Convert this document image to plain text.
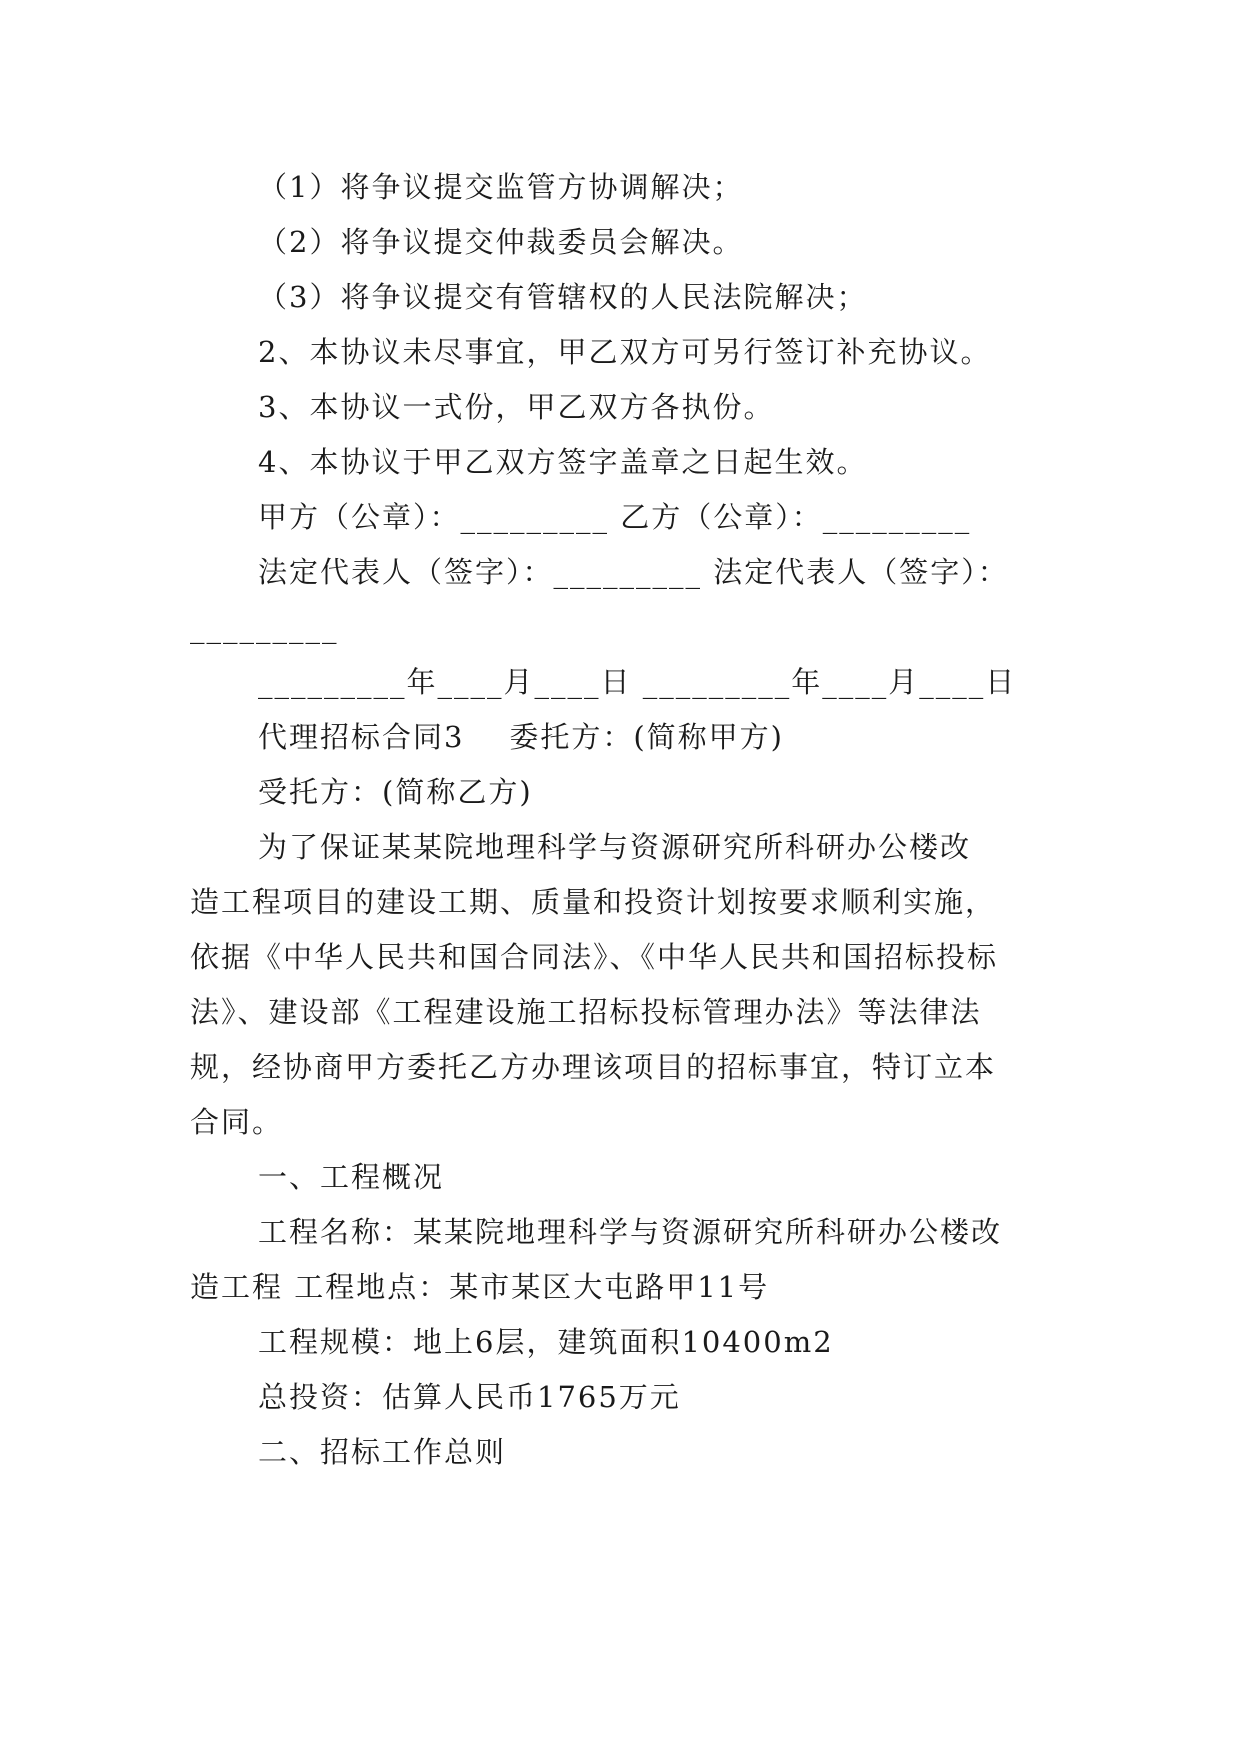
（1）将争议提交监管方协调解决；
（2）将争议提交仲裁委员会解决。
（3）将争议提交有管辖权的人民法院解决；
2、本协议未尽事宜，甲乙双方可另行签订补充协议。
3、本协议一式份，甲乙双方各执份。
4、本协议于甲乙双方签字盖章之日起生效。
甲方（公章）：_________ 乙方（公章）：_________
法定代表人（签字）：_________ 法定代表人（签字）：
_________
_________年____月____日 _________年____月____日
代理招标合同3    委托方：(简称甲方)
受托方：(简称乙方)
为了保证某某院地理科学与资源研究所科研办公楼改
造工程项目的建设工期、质量和投资计划按要求顺利实施，
依据《中华人民共和国合同法》、《中华人民共和国招标投标
法》、建设部《工程建设施工招标投标管理办法》等法律法
规，经协商甲方委托乙方办理该项目的招标事宜，特订立本
合同。
一、工程概况
工程名称：某某院地理科学与资源研究所科研办公楼改
造工程 工程地点：某市某区大屯路甲11号
工程规模：地上6层，建筑面积10400m2
总投资：估算人民币1765万元
二、招标工作总则
